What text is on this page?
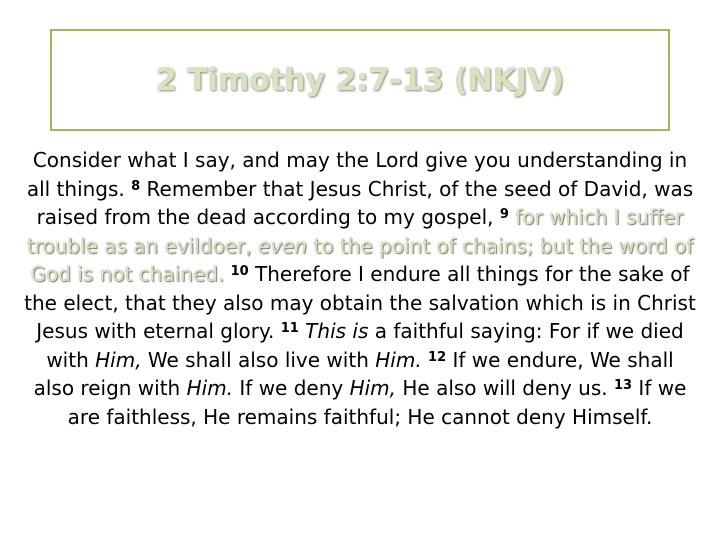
2 Timothy 2:7-13 (NKJV)
Consider what I say, and may the Lord give you understanding in all things. $^8$ Remember that Jesus Christ, of the seed of David, was raised from the dead according to my gospel, $^9$ for which I suffer trouble as an evildoer, even to the point of chains; but the word of God is not chained. $^{10}$ Therefore I endure all things for the sake of the elect, that they also may obtain the salvation which is in Christ Jesus with eternal glory. $^{11}$ This is a faithful saying: For if we died with Him, We shall also live with Him. $^{12}$ If we endure, We shall also reign with Him. If we deny Him, He also will deny us. $^{13}$ If we are faithless, He remains faithful; He cannot deny Himself.
